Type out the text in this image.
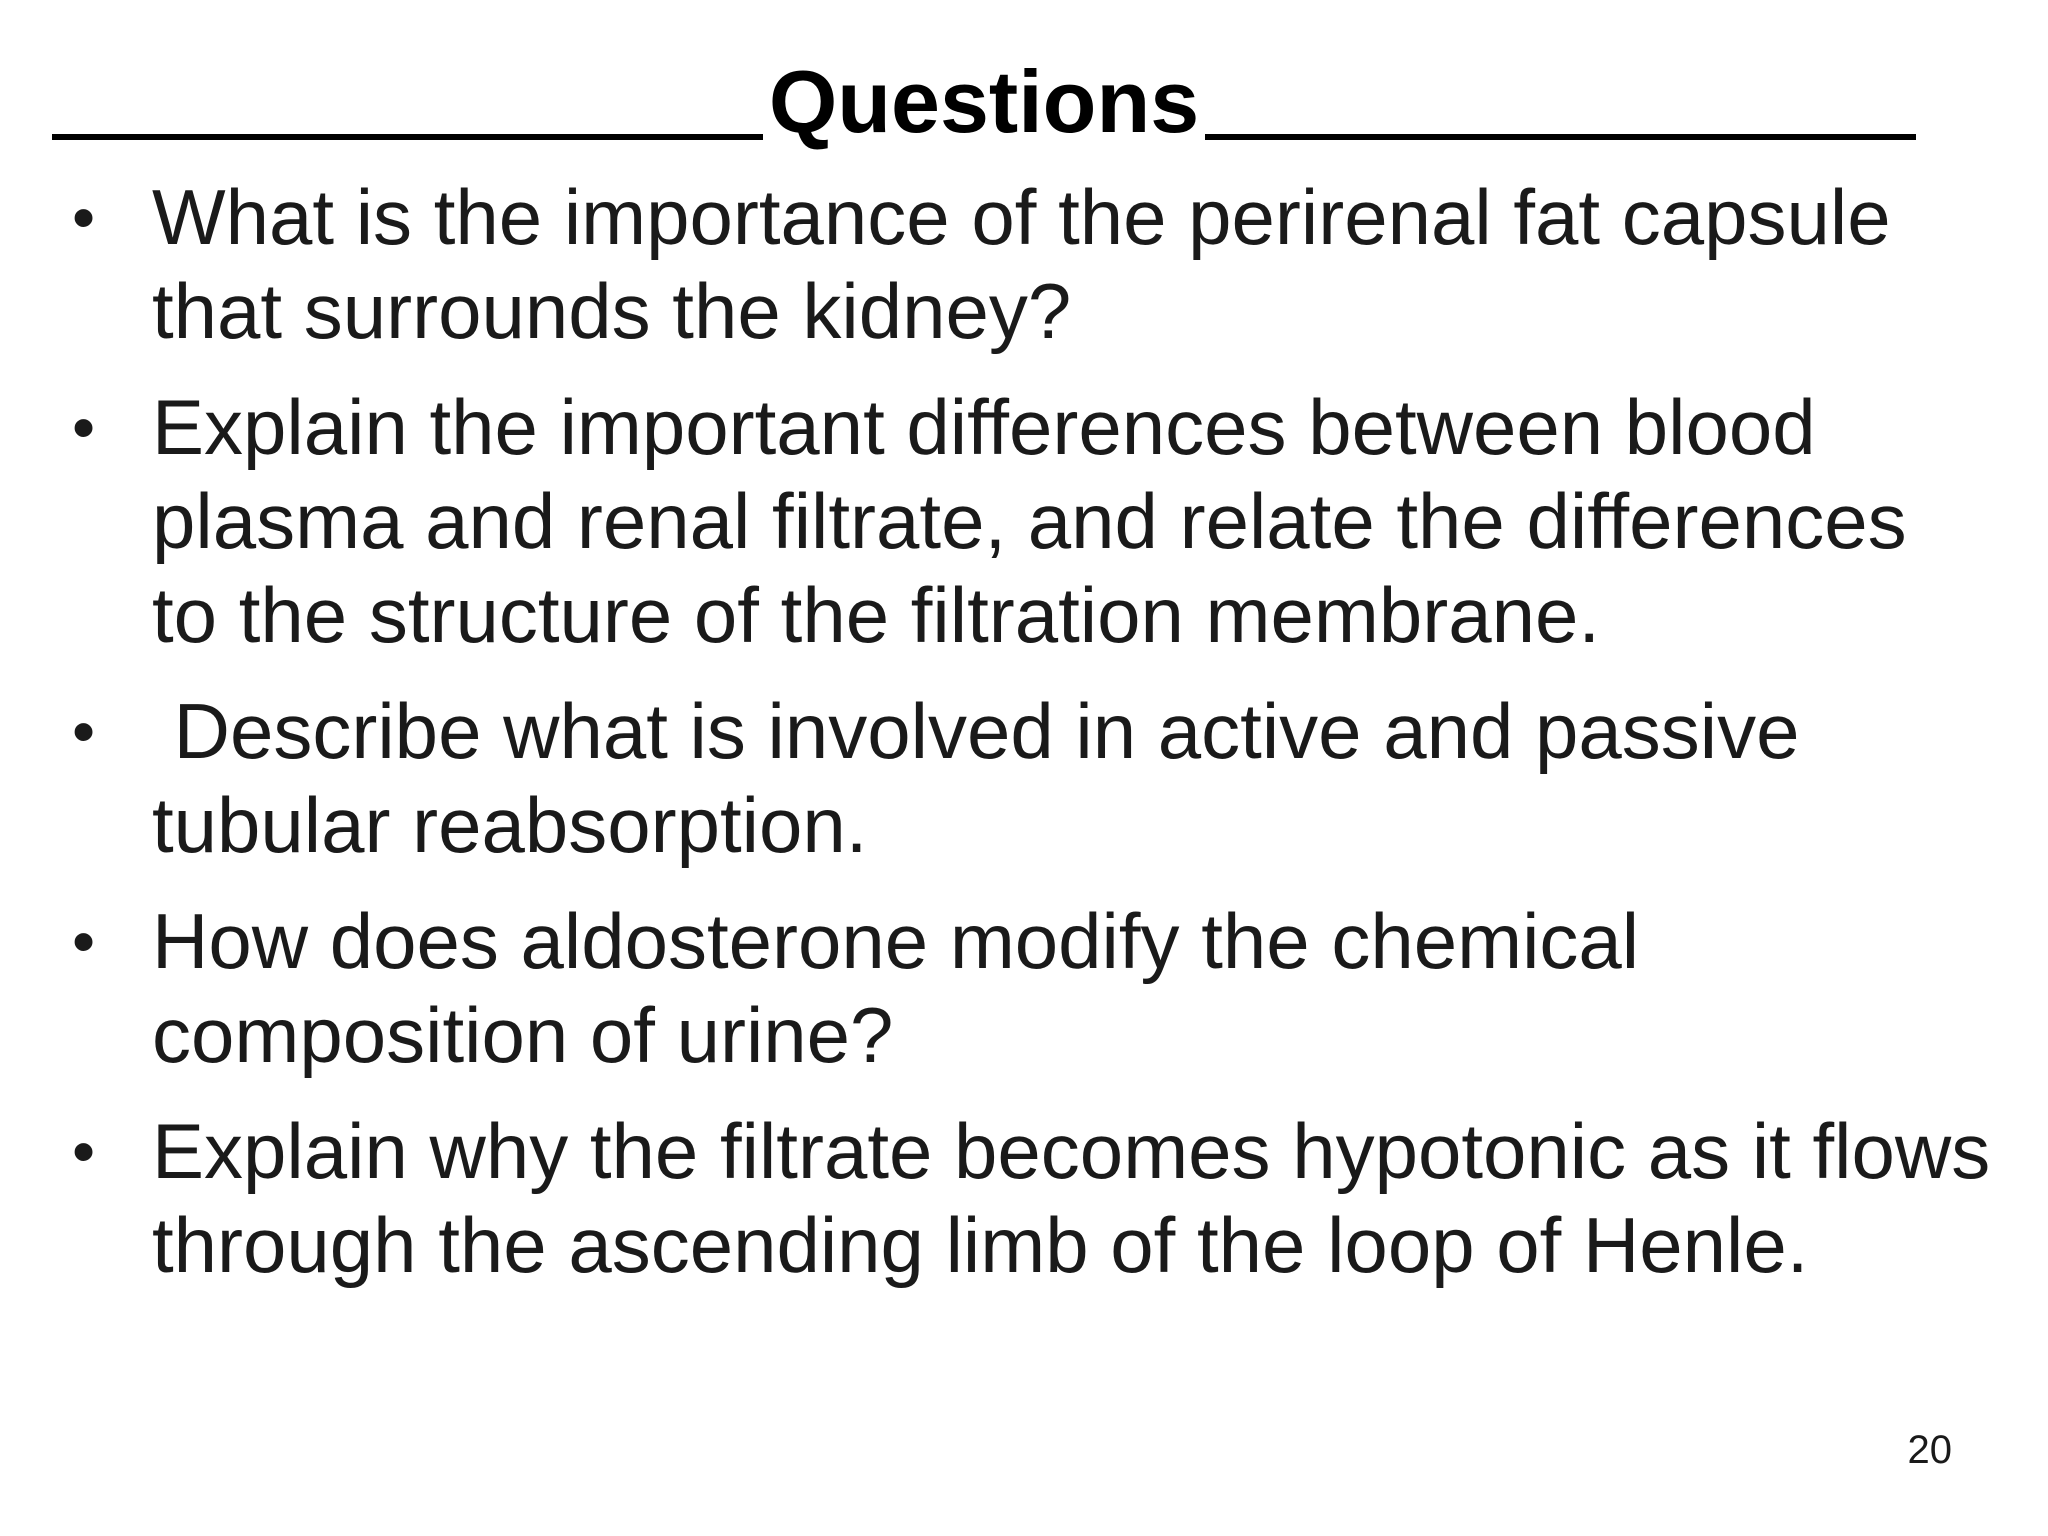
Questions
• What is the importance of the perirenal fat capsule that surrounds the kidney?
• Explain the important differences between blood plasma and renal filtrate, and relate the differences to the structure of the filtration membrane.
• Describe what is involved in active and passive tubular reabsorption.
• How does aldosterone modify the chemical composition of urine?
• Explain why the filtrate becomes hypotonic as it flows through the ascending limb of the loop of Henle.
20
